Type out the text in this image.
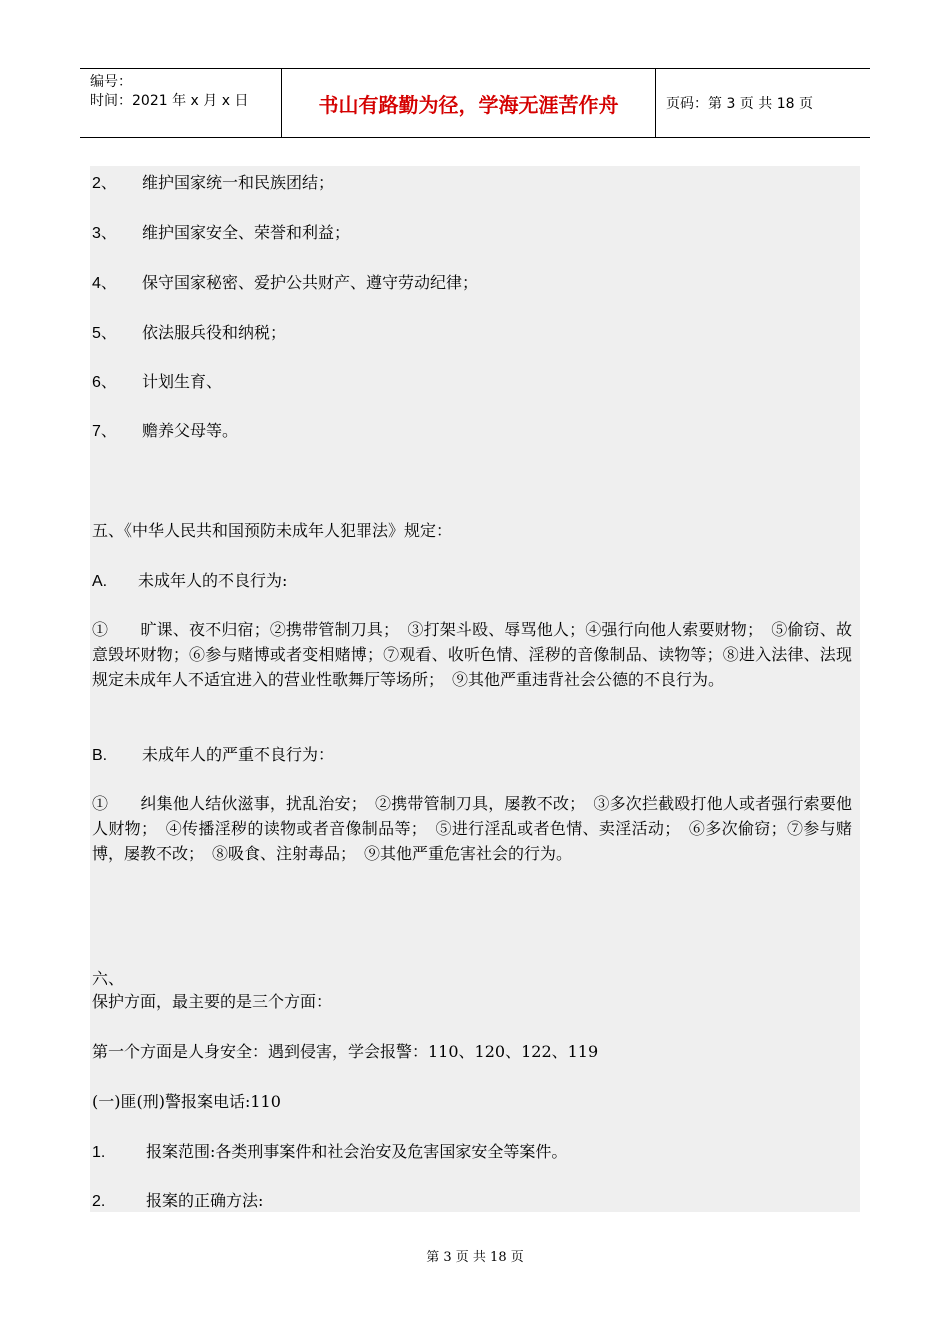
编号：
时间：2021 年 x 月 x 日	书山有路勤为径，学海无涯苦作舟	页码：第 3 页 共 18 页
2、 维护国家统一和民族团结；
3、 维护国家安全、荣誉和利益；
4、 保守国家秘密、爱护公共财产、遵守劳动纪律；
5、 依法服兵役和纳税；
6、 计划生育、
7、 赡养父母等。
五、《中华人民共和国预防未成年人犯罪法》规定：
A. 未成年人的不良行为:
①　　旷课、夜不归宿；②携带管制刀具；　③打架斗殴、辱骂他人；④强行向他人索要财物；　⑤偷窃、故意毁坏财物；⑥参与赌博或者变相赌博；⑦观看、收听色情、淫秽的音像制品、读物等；⑧进入法律、法现规定未成年人不适宜进入的营业性歌舞厅等场所；　⑨其他严重违背社会公德的不良行为。
B. 未成年人的严重不良行为：
①　　纠集他人结伙滋事，扰乱治安；　②携带管制刀具，屡教不改；　③多次拦截殴打他人或者强行索要他人财物；　④传播淫秽的读物或者音像制品等；　⑤进行淫乱或者色情、卖淫活动；　⑥多次偷窃；⑦参与赌博，屡教不改；　⑧吸食、注射毒品；　⑨其他严重危害社会的行为。
六、
保护方面，最主要的是三个方面：
第一个方面是人身安全：遇到侵害，学会报警：110、120、122、119
(一)匪(刑)警报案电话:110
1.	报案范围:各类刑事案件和社会治安及危害国家安全等案件。
2.	报案的正确方法:
第 3 页 共 18 页
